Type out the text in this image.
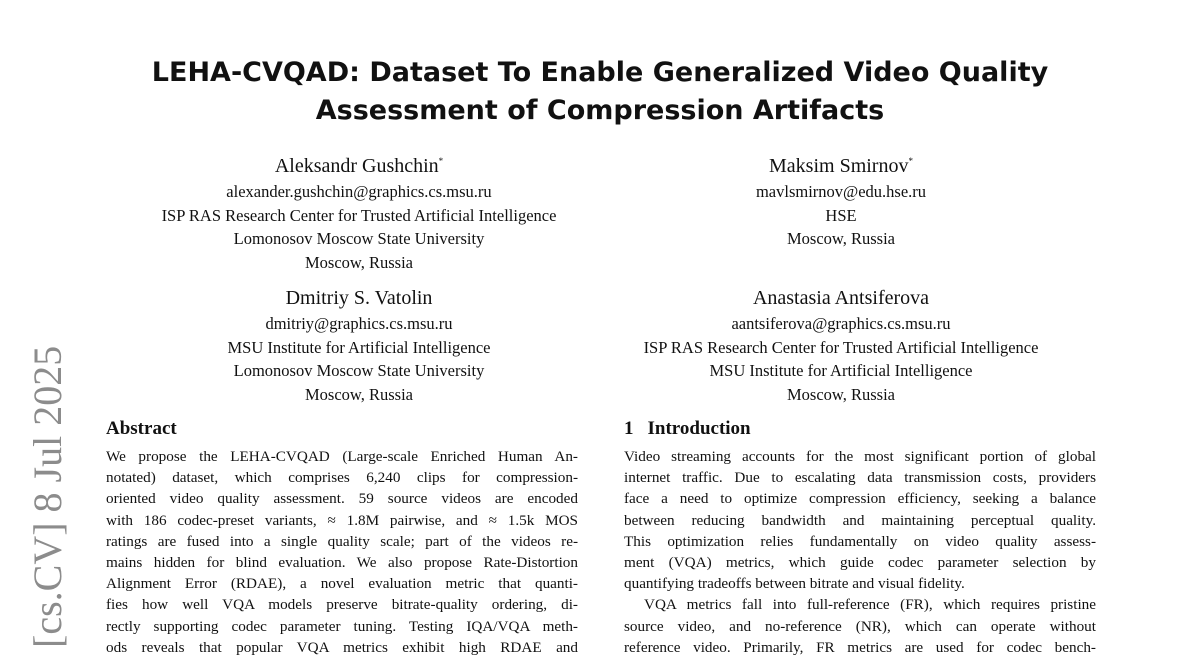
LEHA-CVQAD: Dataset To Enable Generalized Video Quality
Assessment of Compression Artifacts
[cs.CV] 8 Jul 2025
Aleksandr Gushchin*
alexander.gushchin@graphics.cs.msu.ru
ISP RAS Research Center for Trusted Artificial Intelligence
Lomonosov Moscow State University
Moscow, Russia
Maksim Smirnov*
mavlsmirnov@edu.hse.ru
HSE
Moscow, Russia
Dmitriy S. Vatolin
dmitriy@graphics.cs.msu.ru
MSU Institute for Artificial Intelligence
Lomonosov Moscow State University
Moscow, Russia
Anastasia Antsiferova
aantsiferova@graphics.cs.msu.ru
ISP RAS Research Center for Trusted Artificial Intelligence
MSU Institute for Artificial Intelligence
Moscow, Russia
Abstract
We propose the LEHA-CVQAD (Large-scale Enriched Human An-
notated) dataset, which comprises 6,240 clips for compression-
oriented video quality assessment. 59 source videos are encoded
with 186 codec-preset variants, ≈ 1.8M pairwise, and ≈ 1.5k MOS
ratings are fused into a single quality scale; part of the videos re-
mains hidden for blind evaluation. We also propose Rate-Distortion
Alignment Error (RDAE), a novel evaluation metric that quanti-
fies how well VQA models preserve bitrate-quality ordering, di-
rectly supporting codec parameter tuning. Testing IQA/VQA meth-
ods reveals that popular VQA metrics exhibit high RDAE and
1 Introduction
Video streaming accounts for the most significant portion of global
internet traffic. Due to escalating data transmission costs, providers
face a need to optimize compression efficiency, seeking a balance
between reducing bandwidth and maintaining perceptual quality.
This optimization relies fundamentally on video quality assess-
ment (VQA) metrics, which guide codec parameter selection by
quantifying tradeoffs between bitrate and visual fidelity.
VQA metrics fall into full-reference (FR), which requires pristine
source video, and no-reference (NR), which can operate without
reference video. Primarily, FR metrics are used for codec bench-
